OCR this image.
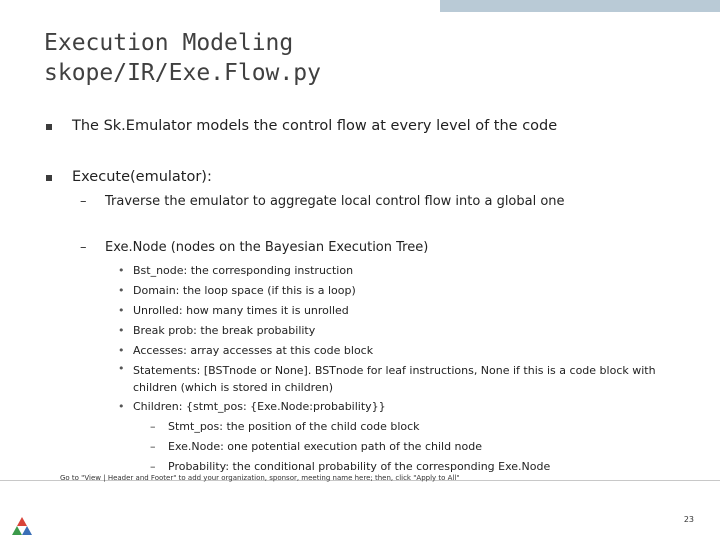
Execution Modeling
skope/IR/Exe.Flow.py
The Sk.Emulator models the control flow at every level of the code
Execute(emulator):
– Traverse the emulator to aggregate local control flow into a global one
– Exe.Node (nodes on the Bayesian Execution Tree)
• Bst_node: the corresponding instruction
• Domain: the loop space (if this is a loop)
• Unrolled: how many times it is unrolled
• Break prob: the break probability
• Accesses: array accesses at this code block
• Statements: [BSTnode or None]. BSTnode for leaf instructions, None if this is a code block with children (which is stored in children)
• Children: {stmt_pos: {Exe.Node:probability}}
– Stmt_pos: the position of the child code block
– Exe.Node: one potential execution path of the child node
– Probability: the conditional probability of the corresponding Exe.Node
Go to "View | Header and Footer" to add your organization, sponsor, meeting name here; then, click "Apply to All"
23
